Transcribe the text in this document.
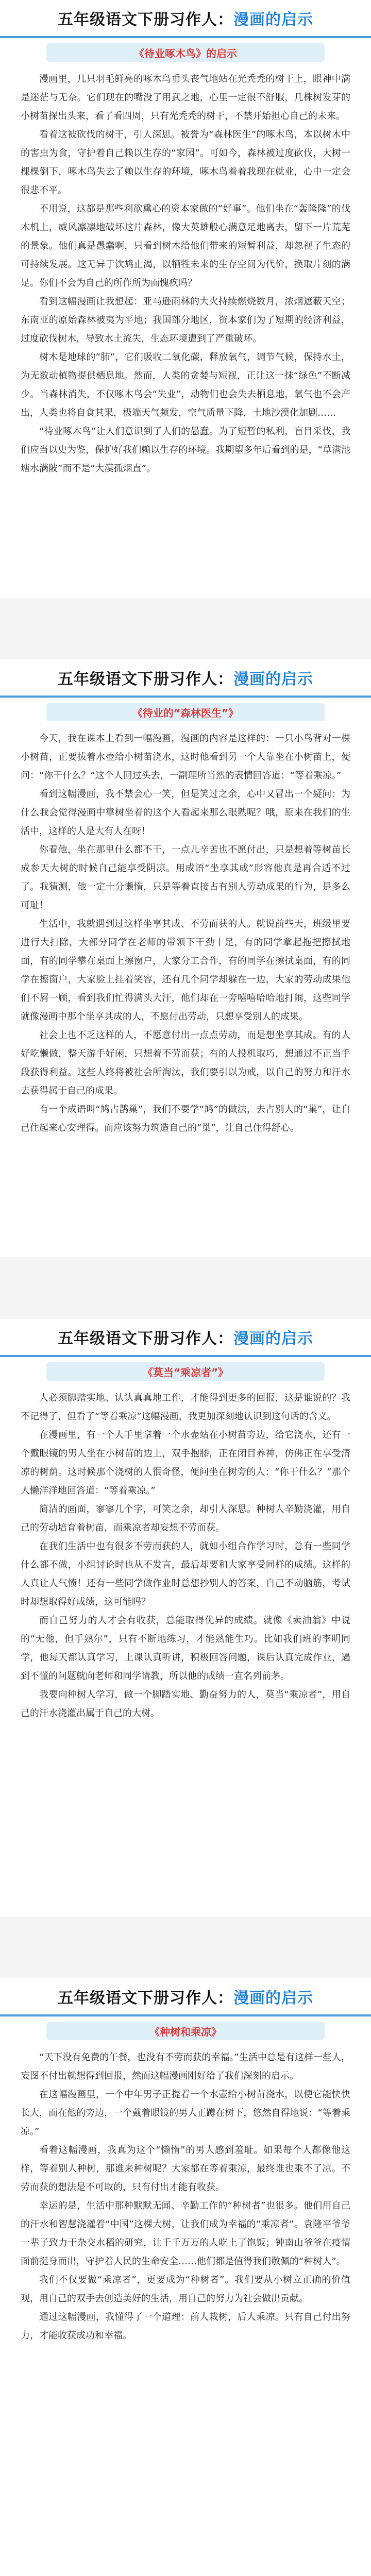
五年级语文下册习作人： 漫画的启示
《待业啄木鸟》的启示

漫画里，几只羽毛鲜亮的啄木鸟垂头丧气地站在光秃秃的树干上，眼神中满是迷茫与无奈。它们现在的嘴没了用武之地，心里一定很不舒服，几株树发芽的小树苗探出头来，看了看四周，只有光秃秃的树干，不禁开始担心自己的未来。

看着这被砍伐的树干，引人深思。被誉为“森林医生”的啄木鸟，本以树木中的害虫为食，守护着自己赖以生存的“家园”。可如今，森林被过度砍伐，大树一棵棵倒下，啄木鸟失去了赖以生存的环境，啄木鸟着着我现在就业，心中一定会很悲不平。

不用说，这都是那些利欲熏心的资本家做的“好事”。他们坐在“轰隆隆”的伐木机上，威风凛凛地破坏这片森林，像大英雄般心满意足地离去，留下一片荒芜的景象。他们真是愚蠢啊，只看到树木给他们带来的短暂利益，却忽视了生态的可持续发展。这无异于饮鸩止渴，以牺牲未来的生存空间为代价，换取片刻的满足。你们不会为自己的所作所为而愧疚吗？

看到这幅漫画让我想起：亚马逊雨林的大火持续燃烧数月，浓烟遮蔽天空；东南亚的原始森林被夷为平地；我国部分地区，资本家们为了短期的经济利益，过度砍伐树木，导致水土流失，生态环境遭到了严重破坏。

树木是地球的“肺”，它们吸收二氧化碳，释放氧气，调节气候，保持水土，为无数动植物提供栖息地。然而，人类的贪婪与短视，正让这一抹“绿色”不断减少。当森林消失，不仅啄木鸟会“失业”，动物们也会失去栖息地，氧气也不会产出，人类也将自食其果，极端天气频发，空气质量下降，土地沙漠化加剧……

“待业啄木鸟”让人们意识到了人们的愚蠢。为了短暂的私利，盲目采伐，我们应当以史为鉴，保护好我们赖以生存的环境。我期望多年后看到的是，“草满池塘水满陂”而不是“大漠孤烟直”。

五年级语文下册习作人： 漫画的启示
《待业的“森林医生”》

今天，我在课本上看到一幅漫画，漫画的内容是这样的：一只小鸟背对一棵小树苗，正要拔着水壶给小树苗浇水，这时他看到另一个人靠坐在小树苗上，便问：“你干什么？”这个人回过头去，一副理所当然的表情回答道：“等着乘凉。”

看到这幅漫画，我不禁会心一笑，但是笑过之余，心中又冒出一个疑问：为什么我会觉得漫画中靠树坐着的这个人看起来那么眼熟呢？哦，原来在我们的生活中，这样的人是大有人在呀！

你看他，坐在那里什么都不干，一点儿辛苦也不愿付出，只是想着等树苗长成参天大树的时候自己能享受阴凉。用成语“坐享其成”形容他真是再合适不过了。我猜测，他一定十分懒惰，只是等着直接占有别人劳动成果的行为，是多么可耻！

生活中，我就遇到过这样坐享其成、不劳而获的人。就说前些天，班级里要进行大扫除，大部分同学在老师的带领下干劲十足，有的同学拿起拖把擦拭地面，有的同学攀在桌面上擦窗户，大家分工合作，有的同学在擦拭桌面，有的同学在擦窗户，大家脸上挂着笑容，还有几个同学却躲在一边，大家的劳动成果他们不屑一顾，看到我们忙得满头大汗，他们却在一旁嘻嘻哈哈地打闹，这些同学就像漫画中那个坐享其成的人，不愿付出劳动，只想享受别人的成果。

社会上也不乏这样的人，不愿意付出一点点劳动，而是想坐享其成。有的人好吃懒做，整天游手好闲，只想着不劳而获；有的人投机取巧，想通过不正当手段获得利益。这些人终将被社会所淘汰，我们要引以为戒，以自己的努力和汗水去获得属于自己的成果。

有一个成语叫“鸠占鹊巢”，我们不要学“鸠”的做法，去占别人的“巢”，让自己住起来心安理得。而应该努力筑造自己的“巢”，让自己住得舒心。

五年级语文下册习作人： 漫画的启示
《莫当“乘凉者”》

人必须脚踏实地、认认真真地工作，才能得到更多的回报，这是谁说的？我不记得了，但看了“等着乘凉”这幅漫画，我更加深刻地认识到这句话的含义。

在漫画里，有一个人手里拿着一个水壶站在小树苗旁边，给它浇水，还有一个戴眼镜的男人坐在小树苗的边上，双手抱膝，正在闭目养神，仿佛正在享受清凉的树荫。这时候那个浇树的人很奇怪，便问坐在树旁的人：“你干什么？”那个人懒洋洋地回答道：“等着乘凉。”

简洁的画面，寥寥几个字，可笑之余，却引人深思。种树人辛勤浇灌，用自己的劳动培育着树苗，而乘凉者却妄想不劳而获。

在我们生活中也有很多不劳而获的人，就如小组合作学习时，总有一些同学什么都不做，小组讨论时也从不发言，最后却要和大家享受同样的成绩。这样的人真让人气愤！还有一些同学做作业时总想抄别人的答案，自己不动脑筋，考试时却想取得好成绩，这可能吗？

而自己努力的人才会有收获，总能取得优异的成绩。就像《卖油翁》中说的“无他，但手熟尔”，只有不断地练习，才能熟能生巧。比如我们班的李明同学，他每天都认真学习，上课认真听讲，积极回答问题，课后认真完成作业，遇到不懂的问题就向老师和同学请教，所以他的成绩一直名列前茅。

我要向种树人学习，做一个脚踏实地、勤奋努力的人，莫当“乘凉者”，用自己的汗水浇灌出属于自己的大树。

五年级语文下册习作人： 漫画的启示
《种树和乘凉》

“天下没有免费的午餐，也没有不劳而获的幸福。”生活中总是有这样一些人，妄图不付出就想得到回报，然而这幅漫画刚好给了我们深刻的启示。

在这幅漫画里，一个中年男子正提着一个水壶给小树苗浇水，以便它能快快长大，而在他的旁边，一个戴着眼镜的男人正蹲在树下，悠然自得地说：“等着乘凉。”

看着这幅漫画，我真为这个“懒惰”的男人感到羞耻。如果每个人都像他这样，等着别人种树，那谁来种树呢？大家都在等着乘凉，最终谁也乘不了凉。不劳而获的想法是不可取的，只有付出才能有收获。

幸运的是，生活中那种默默无闻、辛勤工作的“种树者”也很多。他们用自己的汗水和智慧浇灌着“中国”这棵大树，让我们成为幸福的“乘凉者”。袁隆平爷爷一辈子致力于杂交水稻的研究，让千千万万的人吃上了饱饭；钟南山爷爷在疫情面前挺身而出，守护着人民的生命安全……他们都是值得我们敬佩的“种树人”。

我们不仅要做“乘凉者”，更要成为“种树者”。我们要从小树立正确的价值观，用自己的双手去创造美好的生活，用自己的努力为社会做出贡献。

通过这幅漫画，我懂得了一个道理：前人栽树，后人乘凉。只有自己付出努力，才能收获成功和幸福。
